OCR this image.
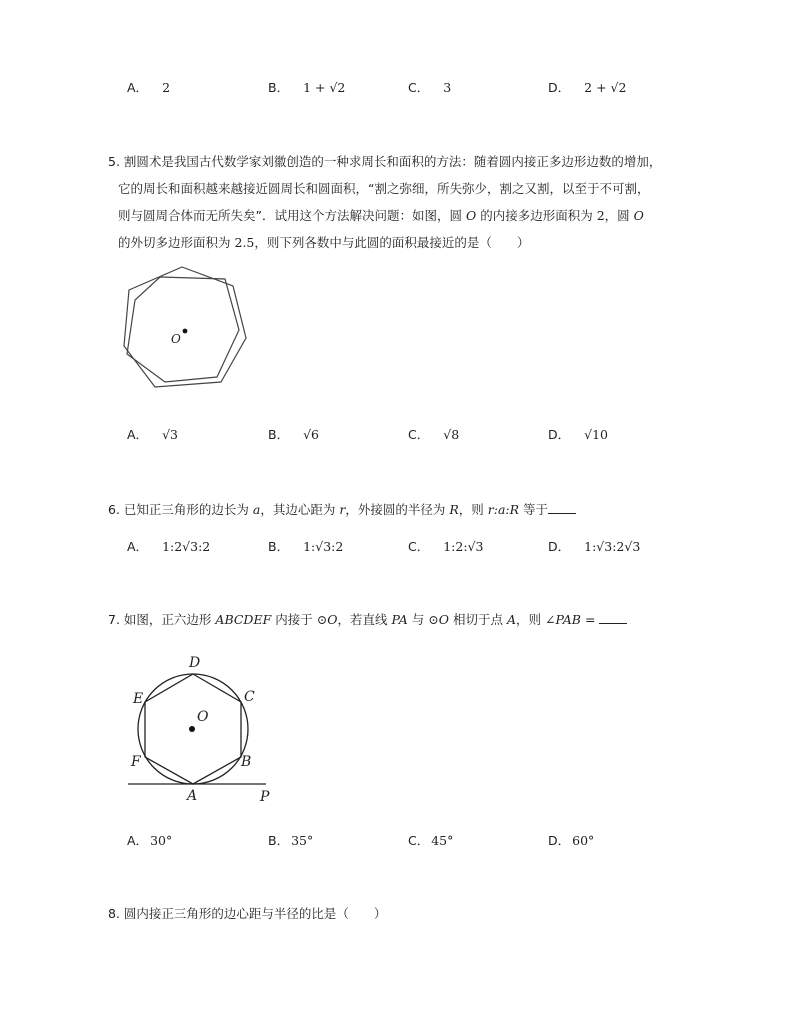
A． 2	B． 1 + √2	C． 3	D． 2 + √2
5. 割圆术是我国古代数学家刘徽创造的一种求周长和面积的方法：随着圆内接正多边形边数的增加，
它的周长和面积越来越接近圆周长和圆面积，“割之弥细，所失弥少，割之又割，以至于不可割，
则与圆周合体而无所失矣”．试用这个方法解决问题：如图，圆 O 的内接多边形面积为 2，圆 O
的外切多边形面积为 2.5，则下列各数中与此圆的面积最接近的是（　　）
O
A． √3	B． √6	C． √8	D． √10
6. 已知正三角形的边长为 a，其边心距为 r，外接圆的半径为 R，则 r:a:R 等于
A． 1:2√3:2	B． 1:√3:2	C． 1:2:√3	D． 1:√3:2√3
7. 如图，正六边形 ABCDEF 内接于 ⊙O，若直线 PA 与 ⊙O 相切于点 A，则 ∠PAB =
D
E	C
O
F	B
A	P
A． 30°	B． 35°	C． 45°	D． 60°
8. 圆内接正三角形的边心距与半径的比是（　　）
